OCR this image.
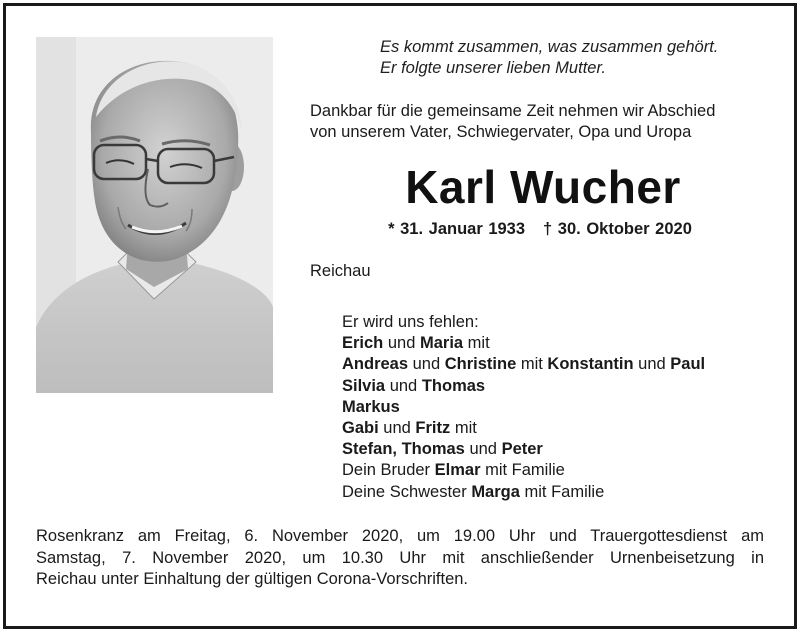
Es kommt zusammen, was zusammen gehört.
Er folgte unserer lieben Mutter.
Dankbar für die gemeinsame Zeit nehmen wir Abschied
von unserem Vater, Schwiegervater, Opa und Uropa
Karl Wucher
* 31. Januar 1933 † 30. Oktober 2020
Reichau
Er wird uns fehlen:
Erich und Maria mit
Andreas und Christine mit Konstantin und Paul
Silvia und Thomas
Markus
Gabi und Fritz mit
Stefan, Thomas und Peter
Dein Bruder Elmar mit Familie
Deine Schwester Marga mit Familie
Rosenkranz am Freitag, 6. November 2020, um 19.00 Uhr und Trauergottesdienst am
Samstag, 7. November 2020, um 10.30 Uhr mit anschließender Urnenbeisetzung in
Reichau unter Einhaltung der gültigen Corona-Vorschriften.
